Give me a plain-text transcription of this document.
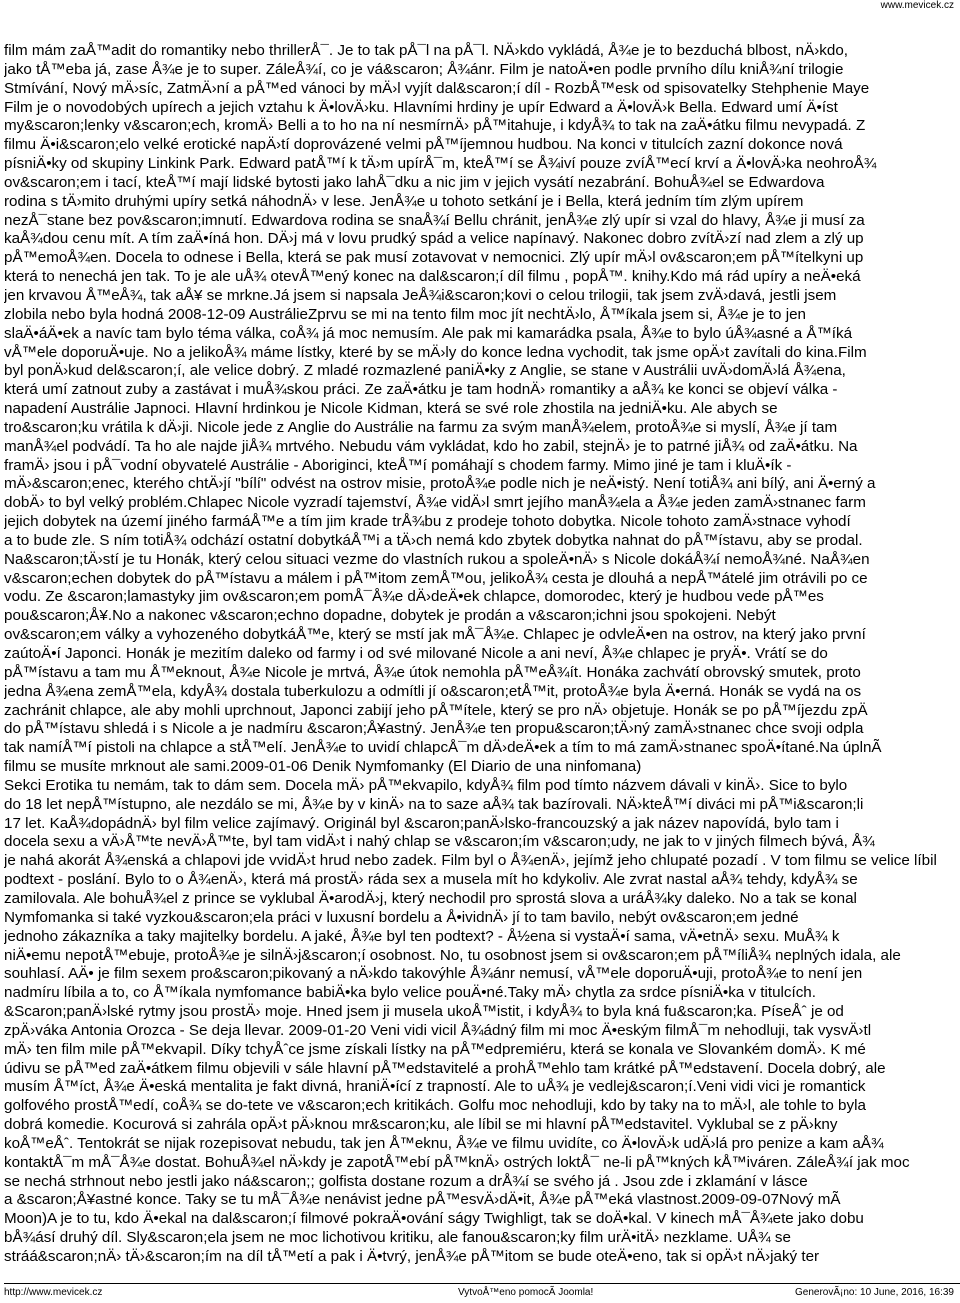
www.mevicek.cz
film mám zaÅ™adit do romantiky nebo thrillerÅ¯. Je to tak pÅ¯l na pÅ¯l. NÄ›kdo vykládá, Å¾e je to bezduchá blbost, nÄ›kdo,
jako tÅ™eba já, zase Å¾e je to super. ZáleÅ¾í, co je vá&scaron; Å¾ánr. Film je natoÄ•en podle prvního dílu kniÅ¾ní trilogie
Stmívání, Nový mÄ›síc, ZatmÄ›ní a pÅ™ed vánoci by mÄ›l vyjít dal&scaron;í díl - RozbÅ™esk od spisovatelky Stehphenie Maye
Film je o novodobých upírech a jejich vztahu k Ä•lovÄ›ku. Hlavními hrdiny je upír Edward a Ä•lovÄ›k Bella. Edward umí Ä•íst
my&scaron;lenky v&scaron;ech, kromÄ› Belli a to ho na ní nesmírnÄ› pÅ™itahuje, i kdyÅ¾ to tak na zaÄ•átku filmu nevypadá. Z
filmu Ä•i&scaron;elo velké erotické napÄ›tí doprovázené velmi pÅ™íjemnou hudbou. Na konci v titulcích zazní dokonce nová
písniÄ•ky od skupiny Linkink Park. Edward patÅ™í k tÄ›m upírÅ¯m, kteÅ™í se Å¾iví pouze zvíÅ™ecí krví a Ä•lovÄ›ka neohroÅ¾
ov&scaron;em i tací, kteÅ™í mají lidské bytosti jako lahÅ¯dku a nic jim v jejich vysátí nezabrání. BohuÅ¾el se Edwardova
rodina s tÄ›mito druhými upíry setká náhodnÄ› v lese. JenÅ¾e u tohoto setkání je i Bella, která jedním tím zlým upírem
nezÅ¯stane bez pov&scaron;imnutí. Edwardova rodina se snaÅ¾í Bellu chránit, jenÅ¾e zlý upír si vzal do hlavy, Å¾e ji musí za
kaÅ¾dou cenu mít. A tím zaÄ•íná hon. DÄ›j má v lovu prudký spád a velice napínavý. Nakonec dobro zvítÄ›zí nad zlem a zlý up
pÅ™emoÅ¾en. Docela to odnese i Bella, která se pak musí zotavovat v nemocnici. Zlý upír mÄ›l ov&scaron;em pÅ™ítelkyni up
která to nenechá jen tak. To je ale uÅ¾ otevÅ™ený konec na dal&scaron;í díl filmu , popÅ™. knihy.Kdo má rád upíry a neÄ•eká
jen krvavou Å™eÅ¾, tak aÅ¥ se mrkne.Já jsem si napsala JeÅ¾i&scaron;kovi o celou trilogii, tak jsem zvÄ›davá, jestli jsem
zlobila nebo byla hodná 2008-12-09 AustrálieZprvu se mi na tento film moc jít nechtÄ›lo, Å™íkala jsem si, Å¾e je to jen
slaÄ•áÄ•ek a navíc tam bylo téma válka, coÅ¾ já moc nemusím. Ale pak mi kamarádka psala, Å¾e to bylo úÅ¾asné a Å™íká
vÅ™ele doporuÄ•uje. No a jelikoÅ¾ máme lístky, které by se mÄ›ly do konce ledna vychodit, tak jsme opÄ›t zavítali do kina.Film
byl ponÄ›kud del&scaron;í, ale velice dobrý. Z mladé rozmazlené paniÄ•ky z Anglie, se stane v Austrálii uvÄ›domÄ›lá Å¾ena,
která umí zatnout zuby a zastávat i muÅ¾skou práci. Ze zaÄ•átku je tam hodnÄ› romantiky a aÅ¾ ke konci se objeví válka -
napadení Austrálie Japnoci. Hlavní hrdinkou je Nicole Kidman, která se své role zhostila na jedniÄ•ku. Ale abych se
tro&scaron;ku vrátila k dÄ›ji. Nicole jede z Anglie do Austrálie na farmu za svým manÅ¾elem, protoÅ¾e si myslí, Å¾e jí tam
manÅ¾el podvádí. Ta ho ale najde jiÅ¾ mrtvého. Nebudu vám vykládat, kdo ho zabil, stejnÄ› je to patrné jiÅ¾ od zaÄ•átku. Na
framÄ› jsou i pÅ¯vodní obyvatelé Austrálie - Aboriginci, kteÅ™í pomáhají s chodem farmy. Mimo jiné je tam i kluÄ•ík -
mÄ›&scaron;enec, kterého chtÄ›jí "bílí" odvést na ostrov misie, protoÅ¾e podle nich je neÄ•istý. Není totiÅ¾ ani bílý, ani Ä•erný a
dobÄ› to byl velký problém.Chlapec Nicole vyzradí tajemství, Å¾e vidÄ›l smrt jejího manÅ¾ela a Å¾e jeden zamÄ›stnanec farm
jejich dobytek na území jiného farmáÅ™e a tím jim krade trÅ¾bu z prodeje tohoto dobytka. Nicole tohoto zamÄ›stnace vyhodí
a to bude zle. S ním totiÅ¾ odchází ostatní dobytkáÅ™i a tÄ›ch nemá kdo zbytek dobytka nahnat do pÅ™ístavu, aby se prodal.
Na&scaron;tÄ›stí je tu Honák, který celou situaci vezme do vlastních rukou a spoleÄ•nÄ› s Nicole dokáÅ¾í nemoÅ¾né. NaÅ¾en
v&scaron;echen dobytek do pÅ™ístavu a málem i pÅ™itom zemÅ™ou, jelikoÅ¾ cesta je dlouhá a nepÅ™átelé jim otrávili po ce
vodu. Ze &scaron;lamastyky jim ov&scaron;em pomÅ¯Å¾e dÄ›deÄ•ek chlapce, domorodec, který je hudbou vede pÅ™es
pou&scaron;Å¥.No a nakonec v&scaron;echno dopadne, dobytek je prodán a v&scaron;ichni jsou spokojeni. Nebýt
ov&scaron;em války a vyhozeného dobytkáÅ™e, který se mstí jak mÅ¯Å¾e. Chlapec je odvleÄ•en na ostrov, na který jako první
zaútoÄ•í Japonci. Honák je mezitím daleko od farmy i od své milované Nicole a ani neví, Å¾e chlapec je pryÄ•. Vrátí se do
pÅ™ístavu a tam mu Å™eknout, Å¾e Nicole je mrtvá, Å¾e útok nemohla pÅ™eÅ¾ít. Honáka zachvátí obrovský smutek, proto
jedna Å¾ena zemÅ™ela, kdyÅ¾ dostala tuberkulozu a odmítli jí o&scaron;etÅ™it, protoÅ¾e byla Ä•erná. Honák se vydá na os
zachránit chlapce, ale aby mohli uprchnout, Japonci zabijí jeho pÅ™ítele, který se pro nÄ› objetuje. Honák se po pÅ™íjezdu zpÄ
do pÅ™ístavu shledá i s Nicole a je nadmíru &scaron;Å¥astný. JenÅ¾e ten propu&scaron;tÄ›ný zamÄ›stnanec chce svoji odpla
tak namíÅ™í pistoli na chlapce a stÅ™elí. JenÅ¾e to uvidí chlapcÅ¯m dÄ›deÄ•ek a tím to má zamÄ›stnanec spoÄ•ítané.Na úplnÃ
filmu se musíte mrknout ale sami.2009-01-06 Denik Nymfomanky (El Diario de una ninfomana)
Sekci Erotika tu nemám, tak to dám sem. Docela mÄ› pÅ™ekvapilo, kdyÅ¾ film pod tímto názvem dávali v kinÄ›. Sice to bylo
do 18 let nepÅ™ístupno, ale nezdálo se mi, Å¾e by v kinÄ› na to saze aÅ¾ tak bazírovali. NÄ›kteÅ™í diváci mi pÅ™i&scaron;li
17 let. KaÅ¾dopádnÄ› byl film velice zajímavý. Originál byl &scaron;panÄ›lsko-francouzský a jak název napovídá, bylo tam i
docela sexu a vÄ›Å™te nevÄ›Å™te, byl tam vidÄ›t i nahý chlap se v&scaron;ím v&scaron;udy, ne jak to v jiných filmech bývá, Å¾
je nahá akorát Å¾enská a chlapovi jde vvidÄ›t hrud nebo zadek. Film byl o Å¾enÄ›, jejímž jeho chlupaté pozadí . V tom filmu se velice líbil
podtext - poslání. Bylo to o Å¾enÄ›, která má prostÄ› ráda sex a musela mít ho kdykoliv. Ale zvrat nastal aÅ¾ tehdy, kdyÅ¾ se
zamilovala. Ale bohuÅ¾el z prince se vyklubal Ä•arodÄ›j, který nechodil pro sprostá slova a uráÅ¾ky daleko. No a tak se konal
Nymfomanka si také vyzkou&scaron;ela práci v luxusní bordelu a Å•ividnÄ› jí to tam bavilo, nebýt ov&scaron;em jedné
jednoho zákazníka a taky majitelky bordelu. A jaké, Å¾e byl ten podtext? - Å½ena si vystaÄ•í sama, vÄ•etnÄ› sexu. MuÅ¾ k
niÄ•emu nepotÅ™ebuje, protoÅ¾e je silnÄ›j&scaron;í osobnost. No, tu osobnost jsem si ov&scaron;em pÅ™íliÅ¾ neplných idala, ale
souhlasí. AÄ• je film sexem pro&scaron;pikovaný a nÄ›kdo takovýhle Å¾ánr nemusí, vÅ™ele doporuÄ•uji, protoÅ¾e to není jen
nadmíru líbila a to, co Å™íkala nymfomance babiÄ•ka bylo velice pouÄ•né.Taky mÄ› chytla za srdce písniÄ•ka v titulcích.
&Scaron;panÄ›lské rytmy jsou prostÄ› moje. Hned jsem ji musela ukoÅ™istit, i kdyÅ¾ to byla kná fu&scaron;ka. PíseÅˆ je od
zpÄ›váka Antonia Orozca - Se deja llevar. 2009-01-20 Veni vidi vicil Å¾ádný film mi moc Ä•eským filmÅ¯m nehodluji, tak vysvÄ›tl
mÄ› ten film mile pÅ™ekvapil. Díky tchyÅˆce jsme získali lístky na pÅ™edpremiéru, která se konala ve Slovankém domÄ›. K mé
údivu se pÅ™ed zaÄ•átkem filmu objevili v sále hlavní pÅ™edstavitelé a prohÅ™ehlo tam krátké pÅ™edstavení. Docela dobrý, ale
musím Å™íct, Å¾e Ä•eská mentalita je fakt divná, hraniÄ•ící z trapností. Ale to uÅ¾ je vedlej&scaron;í.Veni vidi vici je romantick
golfového prostÅ™edí, coÅ¾ se do-tete ve v&scaron;ech kritikách. Golfu moc nehodluji, kdo by taky na to mÄ›l, ale tohle to byla
dobrá komedie. Kocurová si zahrála opÄ›t pÄ›knou mr&scaron;ku, ale líbil se mi hlavní pÅ™edstavitel. Vyklubal se z pÄ›kny
koÅ™eÅˆ. Tentokrát se nijak rozepisovat nebudu, tak jen Å™eknu, Å¾e ve filmu uvidíte, co Ä•lovÄ›k udÄ›lá pro penize a kam aÅ¾
kontaktÅ¯m mÅ¯Å¾e dostat. BohuÅ¾el nÄ›kdy je zapotÅ™ebí pÅ™knÄ› ostrých loktÅ¯ ne-li pÅ™kných kÅ™iváren. ZáleÅ¾í jak moc
se nechá strhnout nebo jestli jako ná&scaron;; golfista dostane rozum a drÅ¾í se svého já . Jsou zde i zklamání v lásce
a &scaron;Å¥astné konce. Taky se tu mÅ¯Å¾e nenávist jedne pÅ™esvÄ›dÄ•it, Å¾e pÅ™eká vlastnost.2009-09-07Nový mÃ
Moon)A je to tu, kdo Ä•ekal na dal&scaron;í filmové pokraÄ•ování ságy Twighligt, tak se doÄ•kal. V kinech mÅ¯Å¾ete jako dobu
bÅ¾ásí druhý díl. Sly&scaron;ela jsem ne moc lichotivou kritiku, ale fanou&scaron;ky film urÄ•itÄ› nezklame. UÅ¾ se
stráá&scaron;nÄ› tÄ›&scaron;ím na díl tÅ™etí a pak i Ä•tvrý, jenÅ¾e pÅ™itom se bude oteÄ•eno, tak si opÄ›t nÄ›jaký ter
http://www.mevicek.cz	VytvoÅ™eno pomocÃ Joomla!	GenerovÃ¡no: 10 June, 2016, 16:39
